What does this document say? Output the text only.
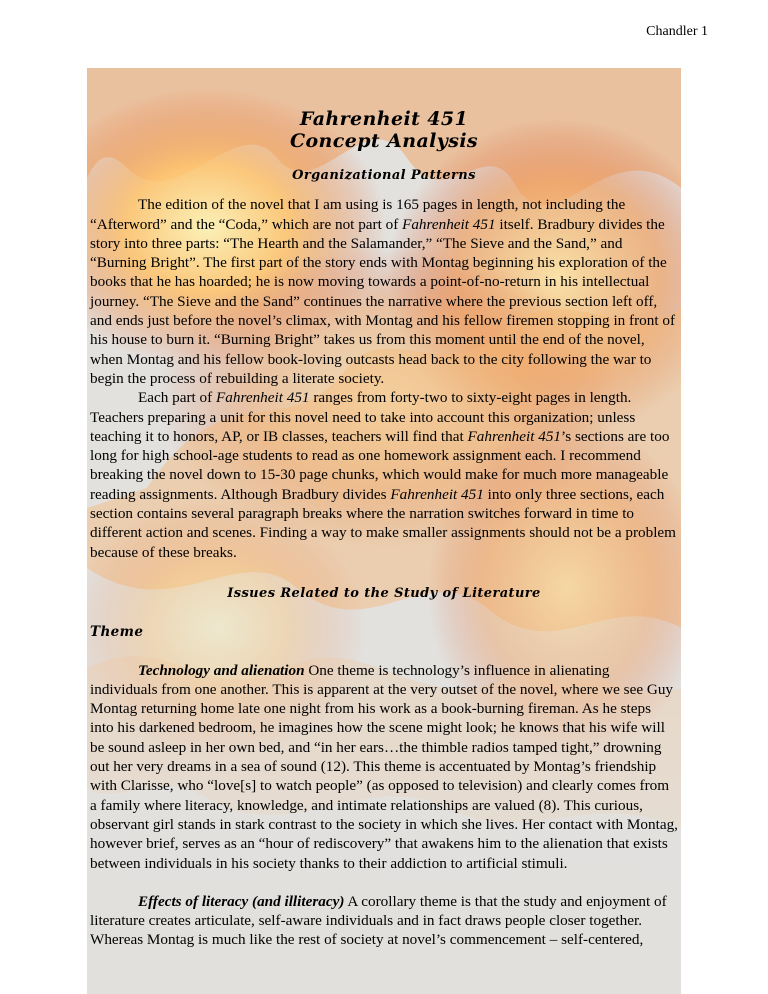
Chandler 1
Fahrenheit 451
Concept Analysis
Organizational Patterns

The edition of the novel that I am using is 165 pages in length, not including the “Afterword” and the “Coda,” which are not part of Fahrenheit 451 itself. Bradbury divides the story into three parts: “The Hearth and the Salamander,” “The Sieve and the Sand,” and “Burning Bright”. The first part of the story ends with Montag beginning his exploration of the books that he has hoarded; he is now moving towards a point-of-no-return in his intellectual journey. “The Sieve and the Sand” continues the narrative where the previous section left off, and ends just before the novel’s climax, with Montag and his fellow firemen stopping in front of his house to burn it. “Burning Bright” takes us from this moment until the end of the novel, when Montag and his fellow book-loving outcasts head back to the city following the war to begin the process of rebuilding a literate society.

Each part of Fahrenheit 451 ranges from forty-two to sixty-eight pages in length. Teachers preparing a unit for this novel need to take into account this organization; unless teaching it to honors, AP, or IB classes, teachers will find that Fahrenheit 451’s sections are too long for high school-age students to read as one homework assignment each. I recommend breaking the novel down to 15-30 page chunks, which would make for much more manageable reading assignments. Although Bradbury divides Fahrenheit 451 into only three sections, each section contains several paragraph breaks where the narration switches forward in time to different action and scenes. Finding a way to make smaller assignments should not be a problem because of these breaks.

Issues Related to the Study of Literature
Theme

Technology and alienation One theme is technology’s influence in alienating individuals from one another. This is apparent at the very outset of the novel, where we see Guy Montag returning home late one night from his work as a book-burning fireman. As he steps into his darkened bedroom, he imagines how the scene might look; he knows that his wife will be sound asleep in her own bed, and “in her ears…the thimble radios tamped tight,” drowning out her very dreams in a sea of sound (12). This theme is accentuated by Montag’s friendship with Clarisse, who “love[s] to watch people” (as opposed to television) and clearly comes from a family where literacy, knowledge, and intimate relationships are valued (8). This curious, observant girl stands in stark contrast to the society in which she lives. Her contact with Montag, however brief, serves as an “hour of rediscovery” that awakens him to the alienation that exists between individuals in his society thanks to their addiction to artificial stimuli.

Effects of literacy (and illiteracy) A corollary theme is that the study and enjoyment of literature creates articulate, self-aware individuals and in fact draws people closer together. Whereas Montag is much like the rest of society at novel’s commencement – self-centered,
